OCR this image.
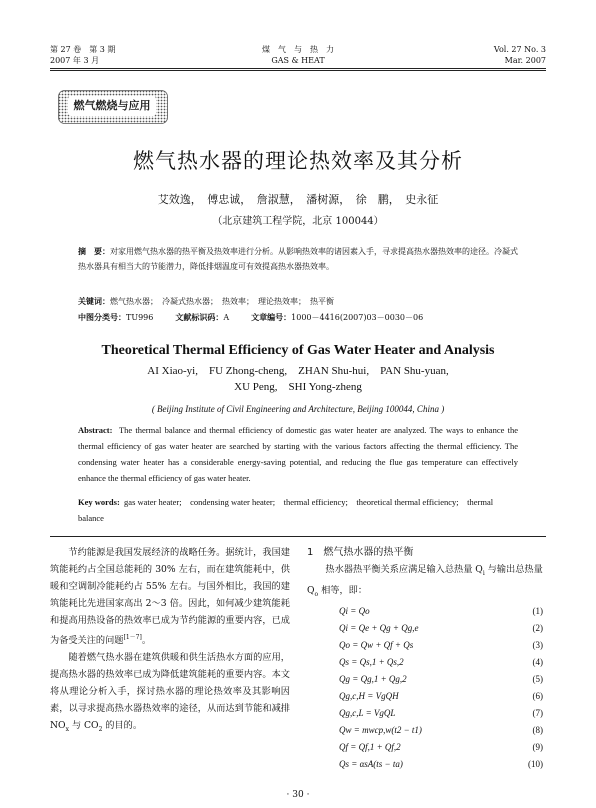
第 27 卷　第 3 期
2007 年 3 月
煤　气　与　热　力
GAS & HEAT
Vol. 27 No. 3
Mar. 2007
燃气燃烧与应用
燃气热水器的理论热效率及其分析
艾效逸，　傅忠诚，　詹淑慧，　潘树源，　徐　鹏，　史永征
（北京建筑工程学院，北京 100044）
摘　要：对家用燃气热水器的热平衡及热效率进行分析。从影响热效率的诸因素入手，寻求提高热水器热效率的途径。冷凝式热水器具有相当大的节能潜力，降低排烟温度可有效提高热水器热效率。
关键词：燃气热水器；　冷凝式热水器；　热效率；　理论热效率；　热平衡
中图分类号：TU996	文献标识码：A	文章编号：1000－4416(2007)03－0030－06
Theoretical Thermal Efficiency of Gas Water Heater and Analysis
AI Xiao-yi,　FU Zhong-cheng,　ZHAN Shu-hui,　PAN Shu-yuan,
XU Peng,　SHI Yong-zheng
( Beijing Institute of Civil Engineering and Architecture, Beijing 100044, China )
Abstract: The thermal balance and thermal efficiency of domestic gas water heater are analyzed. The ways to enhance the thermal efficiency of gas water heater are searched by starting with the various factors affecting the thermal efficiency. The condensing water heater has a considerable energy-saving potential, and reducing the flue gas temperature can effectively enhance the thermal efficiency of gas water heater.
Key words: gas water heater;　condensing water heater;　thermal efficiency;　theoretical thermal efficiency;　thermal balance

节约能源是我国发展经济的战略任务。据统计，我国建筑能耗约占全国总能耗的 30% 左右，而在建筑能耗中，供暖和空调制冷能耗约占 55% 左右。与国外相比，我国的建筑能耗比先进国家高出 2～3 倍。因此，如何减少建筑能耗和提高用热设备的热效率已成为节约能源的重要内容，已成为备受关注的问题[1－7]。

随着燃气热水器在建筑供暖和供生活热水方面的应用，提高热水器的热效率已成为降低建筑能耗的重要内容。本文将从理论分析入手，探讨热水器的理论热效率及其影响因素，以寻求提高热水器热效率的途径，从而达到节能和减排 $NO_x$ 与 $CO_2$ 的目的。

1　燃气热水器的热平衡

热水器热平衡关系应满足输入总热量 $Q_i$ 与输出总热量 $Q_o$ 相等，即：

Qi = Qo	(1)
Qi = Qe + Qg + Qg,e	(2)
Qo = Qw + Qf + Qs	(3)
Qs = Qs,1 + Qs,2	(4)
Qg = Qg,1 + Qg,2	(5)
Qg,c,H = VgQH	(6)
Qg,c,L = VgQL	(7)
Qw = mwcp,w(t2 − t1)	(8)
Qf = Qf,1 + Qf,2	(9)
Qs = αsA(ts − ta)	(10)
· 30 ·
